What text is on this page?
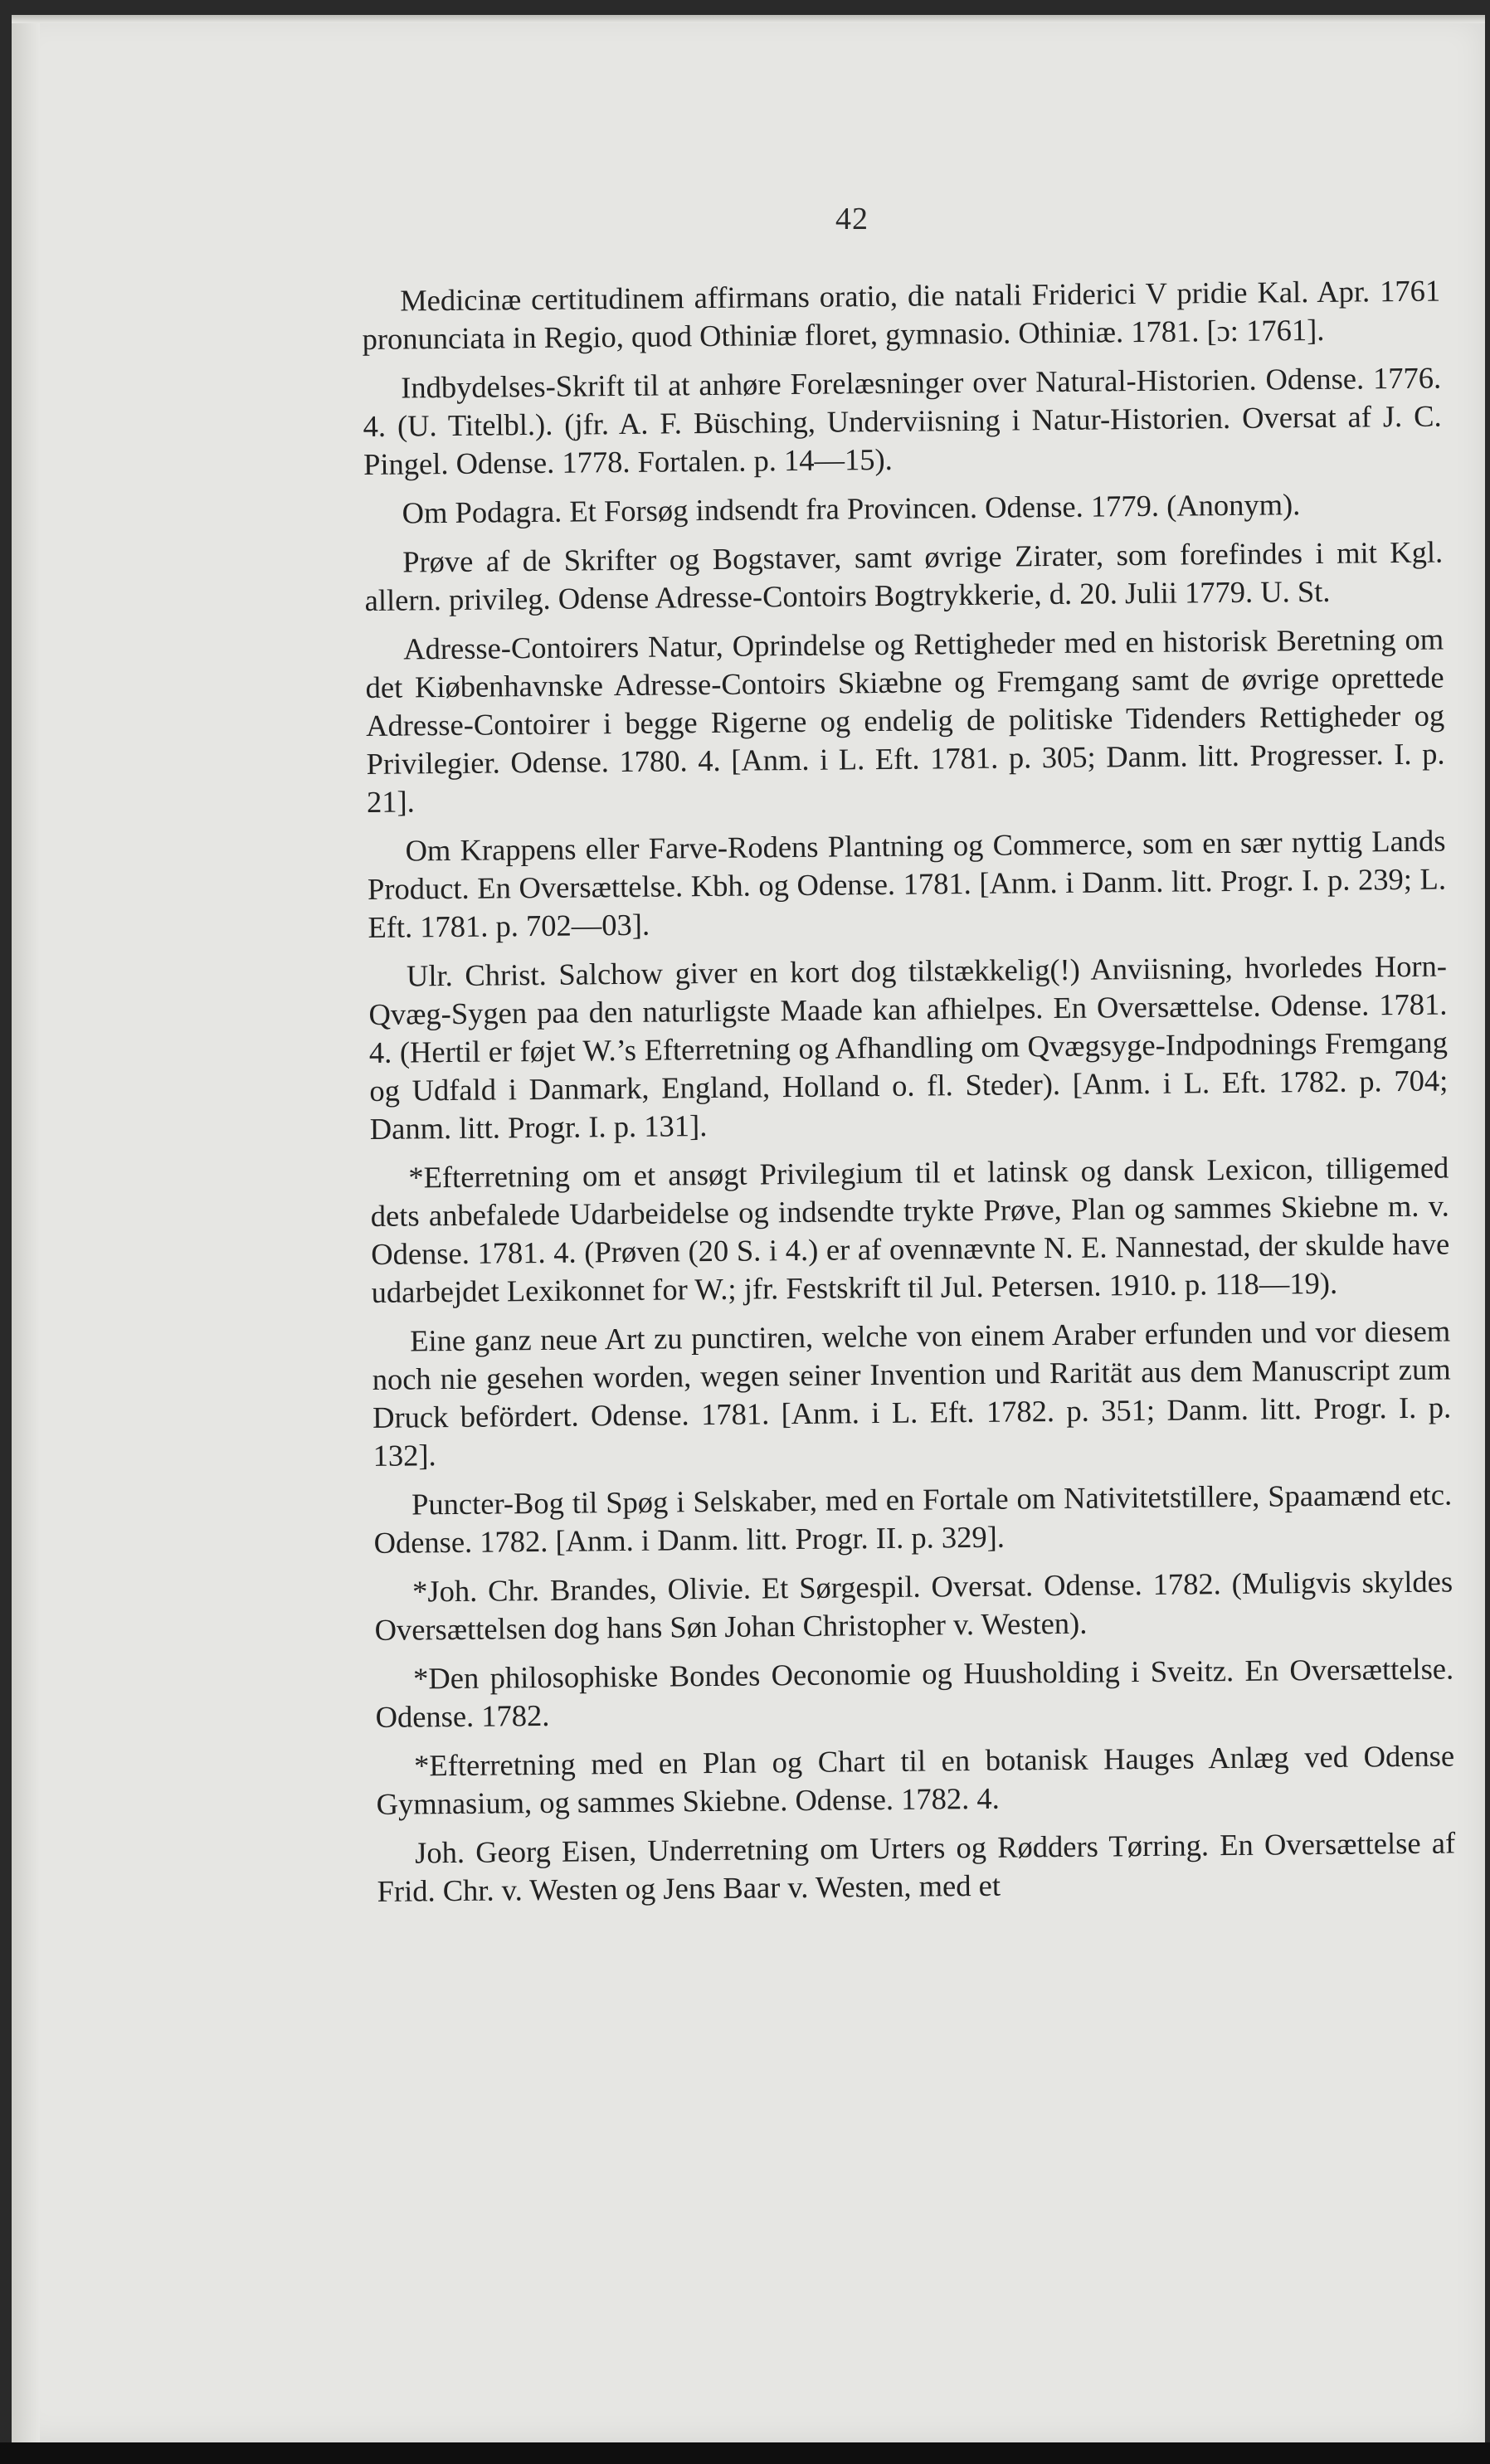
42

Medicinæ certitudinem affirmans oratio, die natali Friderici V pridie Kal. Apr. 1761 pronunciata in Regio, quod Othiniæ floret, gymnasio. Othiniæ. 1781. [ɔ: 1761].

Indbydelses-Skrift til at anhøre Forelæsninger over Natural-Historien. Odense. 1776. 4. (U. Titelbl.). (jfr. A. F. Büsching, Underviisning i Natur-Historien. Oversat af J. C. Pingel. Odense. 1778. Fortalen. p. 14—15).

Om Podagra. Et Forsøg indsendt fra Provincen. Odense. 1779. (Anonym).

Prøve af de Skrifter og Bogstaver, samt øvrige Zirater, som forefindes i mit Kgl. allern. privileg. Odense Adresse-Contoirs Bogtrykkerie, d. 20. Julii 1779. U. St.

Adresse-Contoirers Natur, Oprindelse og Rettigheder med en historisk Beretning om det Kiøbenhavnske Adresse-Contoirs Skiæbne og Fremgang samt de øvrige oprettede Adresse-Contoirer i begge Rigerne og endelig de politiske Tidenders Rettigheder og Privilegier. Odense. 1780. 4. [Anm. i L. Eft. 1781. p. 305; Danm. litt. Progresser. I. p. 21].

Om Krappens eller Farve-Rodens Plantning og Commerce, som en sær nyttig Lands Product. En Oversættelse. Kbh. og Odense. 1781. [Anm. i Danm. litt. Progr. I. p. 239; L. Eft. 1781. p. 702—03].

Ulr. Christ. Salchow giver en kort dog tilstækkelig(!) Anviisning, hvorledes Horn-Qvæg-Sygen paa den naturligste Maade kan afhielpes. En Oversættelse. Odense. 1781. 4. (Hertil er føjet W.’s Efterretning og Afhandling om Qvægsyge-Indpodnings Fremgang og Udfald i Danmark, England, Holland o. fl. Steder). [Anm. i L. Eft. 1782. p. 704; Danm. litt. Progr. I. p. 131].

*Efterretning om et ansøgt Privilegium til et latinsk og dansk Lexicon, tilligemed dets anbefalede Udarbeidelse og indsendte trykte Prøve, Plan og sammes Skiebne m. v. Odense. 1781. 4. (Prøven (20 S. i 4.) er af ovennævnte N. E. Nannestad, der skulde have udarbejdet Lexikonnet for W.; jfr. Festskrift til Jul. Petersen. 1910. p. 118—19).

Eine ganz neue Art zu punctiren, welche von einem Araber erfunden und vor diesem noch nie gesehen worden, wegen seiner Invention und Rarität aus dem Manuscript zum Druck befördert. Odense. 1781. [Anm. i L. Eft. 1782. p. 351; Danm. litt. Progr. I. p. 132].

Puncter-Bog til Spøg i Selskaber, med en Fortale om Nativitetstillere, Spaamænd etc. Odense. 1782. [Anm. i Danm. litt. Progr. II. p. 329].

*Joh. Chr. Brandes, Olivie. Et Sørgespil. Oversat. Odense. 1782. (Muligvis skyldes Oversættelsen dog hans Søn Johan Christopher v. Westen).

*Den philosophiske Bondes Oeconomie og Huusholding i Sveitz. En Oversættelse. Odense. 1782.

*Efterretning med en Plan og Chart til en botanisk Hauges Anlæg ved Odense Gymnasium, og sammes Skiebne. Odense. 1782. 4.

Joh. Georg Eisen, Underretning om Urters og Rødders Tørring. En Oversættelse af Frid. Chr. v. Westen og Jens Baar v. Westen, med et
